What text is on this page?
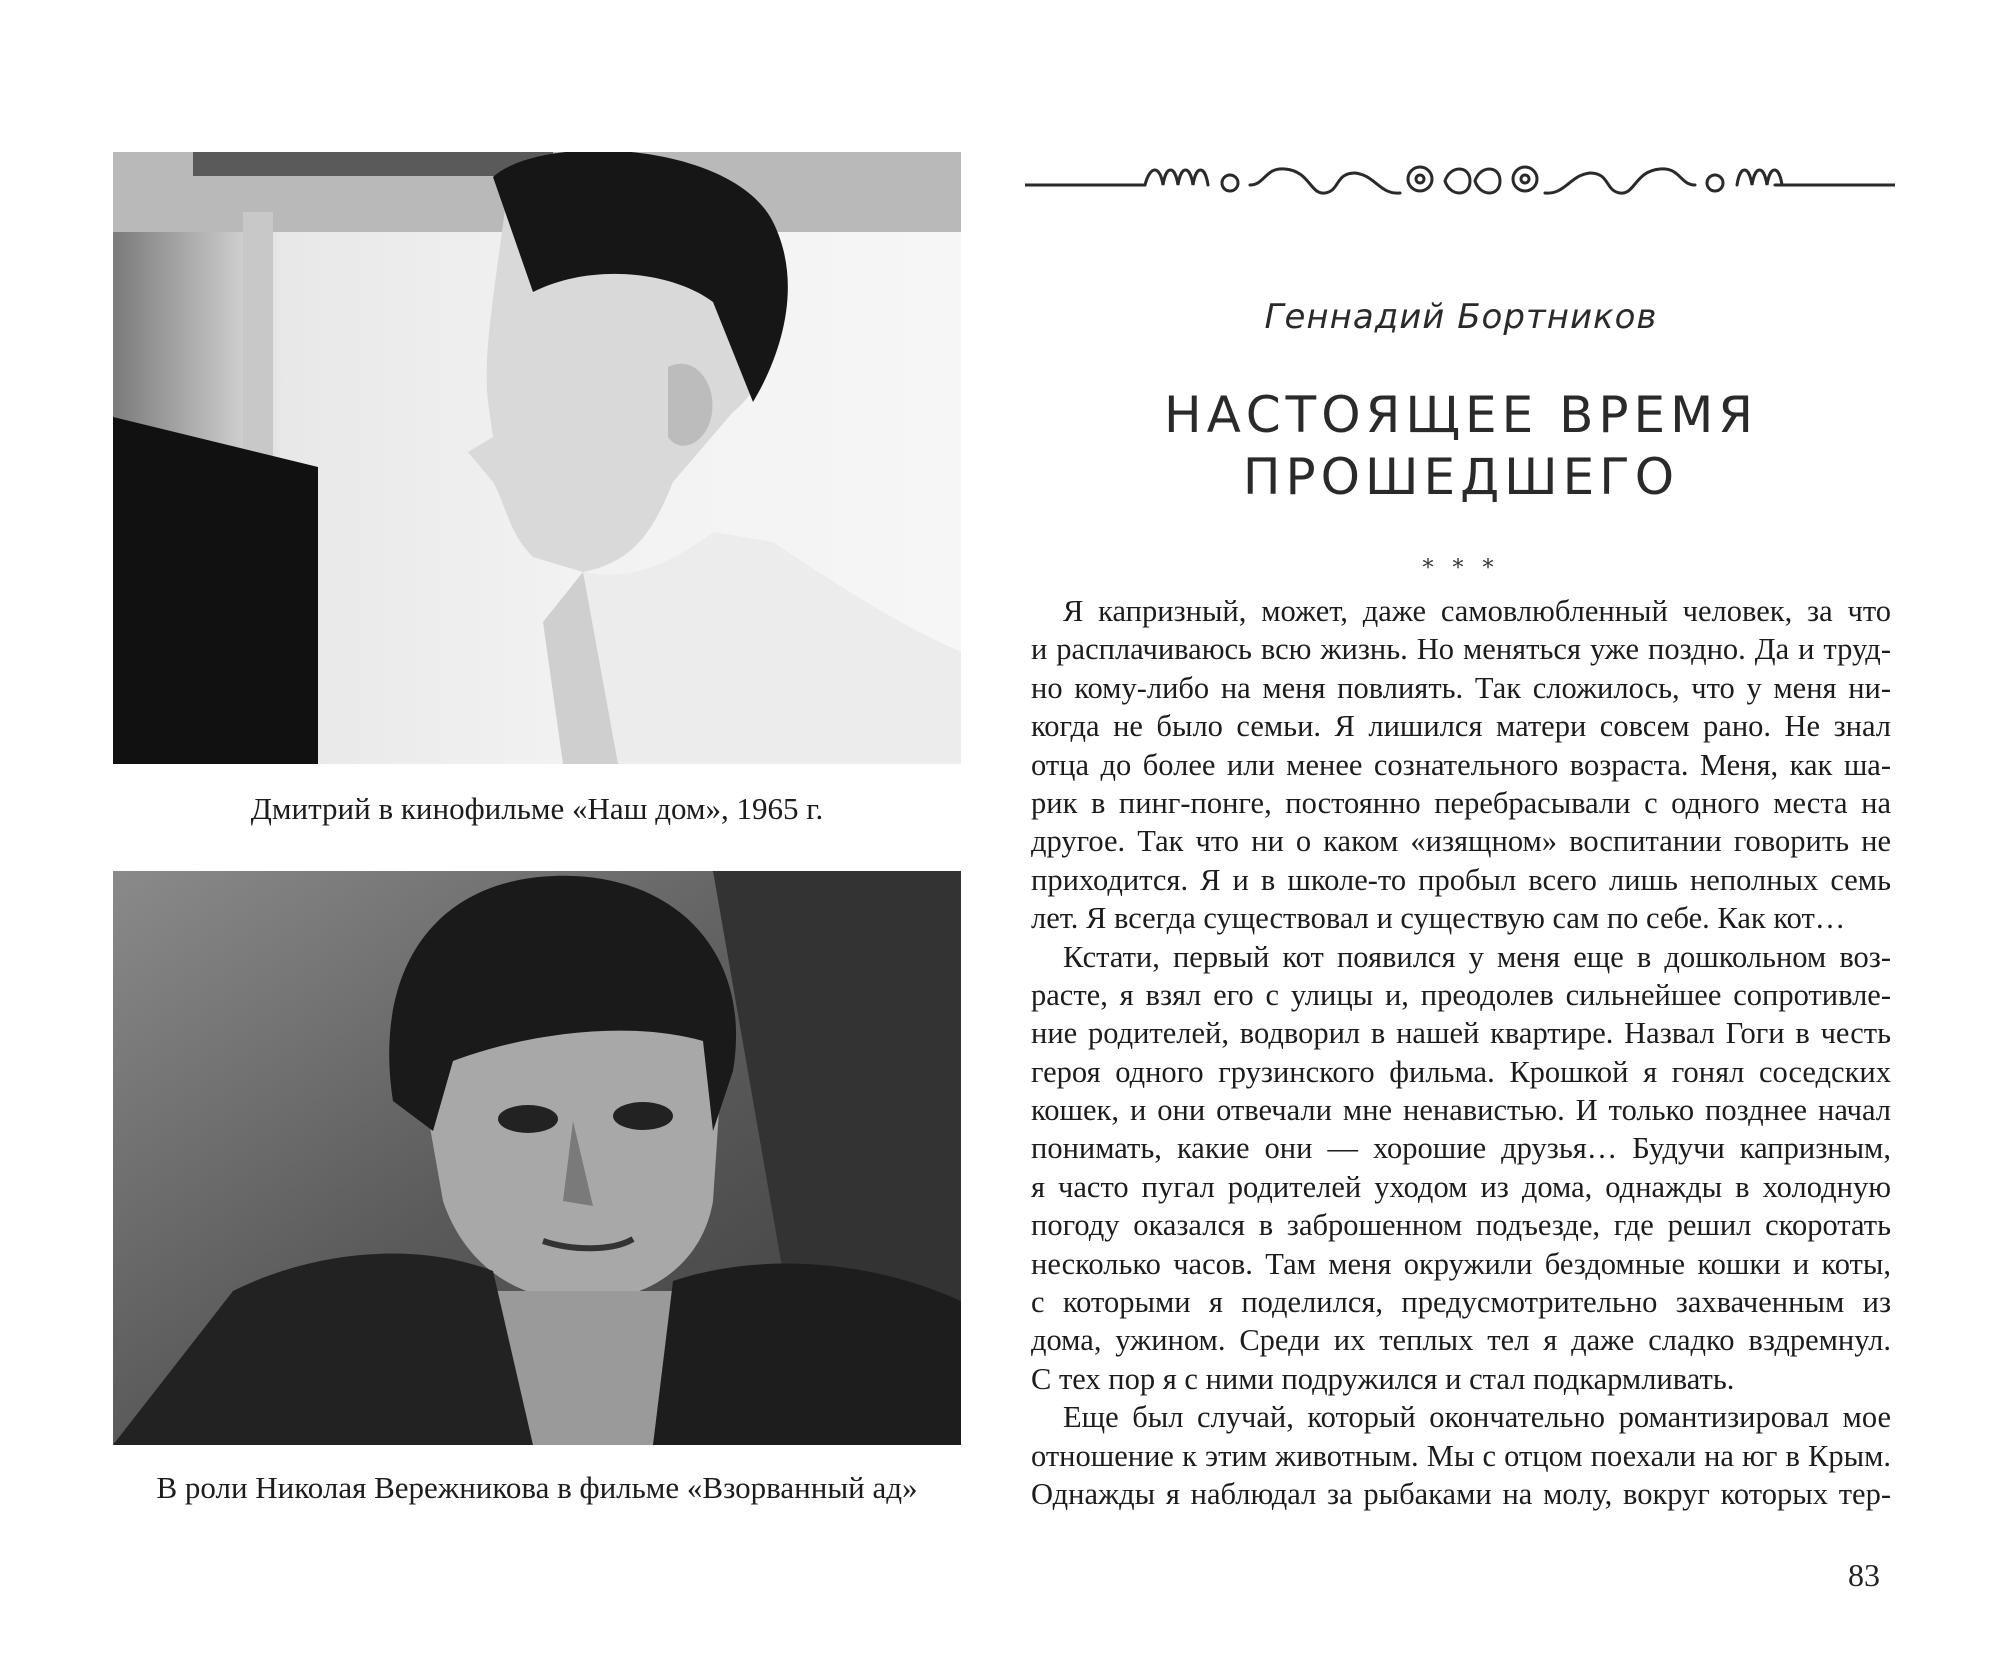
Дмитрий в кинофильме «Наш дом», 1965 г.
В роли Николая Вережникова в фильме «Взорванный ад»
Геннадий Бортников
НАСТОЯЩЕЕ ВРЕМЯ
ПРОШЕДШЕГО
* * *
Я капризный, может, даже самовлюбленный человек, за что
и расплачиваюсь всю жизнь. Но меняться уже поздно. Да и труд-
но кому-либо на меня повлиять. Так сложилось, что у меня ни-
когда не было семьи. Я лишился матери совсем рано. Не знал
отца до более или менее сознательного возраста. Меня, как ша-
рик в пинг-понге, постоянно перебрасывали с одного места на
другое. Так что ни о каком «изящном» воспитании говорить не
приходится. Я и в школе-то пробыл всего лишь неполных семь
лет. Я всегда существовал и существую сам по себе. Как кот…
Кстати, первый кот появился у меня еще в дошкольном воз-
расте, я взял его с улицы и, преодолев сильнейшее сопротивле-
ние родителей, водворил в нашей квартире. Назвал Гоги в честь
героя одного грузинского фильма. Крошкой я гонял соседских
кошек, и они отвечали мне ненавистью. И только позднее начал
понимать, какие они — хорошие друзья… Будучи капризным,
я часто пугал родителей уходом из дома, однажды в холодную
погоду оказался в заброшенном подъезде, где решил скоротать
несколько часов. Там меня окружили бездомные кошки и коты,
с которыми я поделился, предусмотрительно захваченным из
дома, ужином. Среди их теплых тел я даже сладко вздремнул.
С тех пор я с ними подружился и стал подкармливать.
Еще был случай, который окончательно романтизировал мое
отношение к этим животным. Мы с отцом поехали на юг в Крым.
Однажды я наблюдал за рыбаками на молу, вокруг которых тер-
83
